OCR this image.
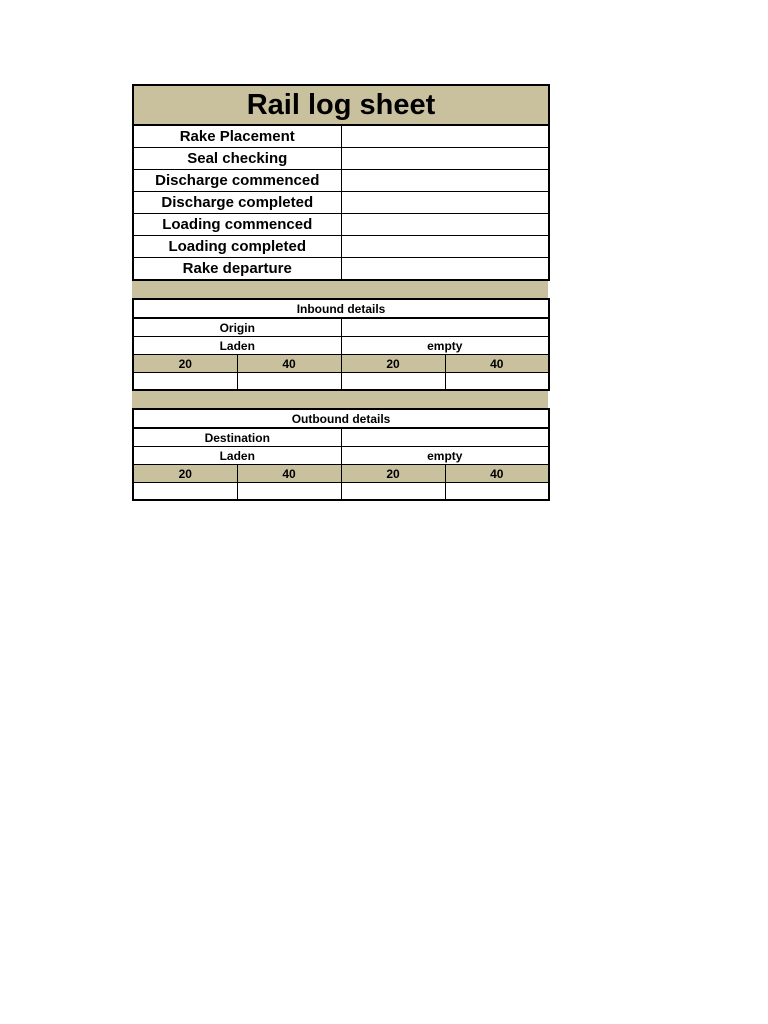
Rail log sheet	
Rake Placement	
Seal checking	
Discharge commenced	
Discharge completed	
Loading commenced	
Loading completed	
Rake departure	
Inbound details			
Origin			
Laden		empty	
20	40	20	40

Outbound details			
Destination			
Laden		empty	
20	40	20	40
